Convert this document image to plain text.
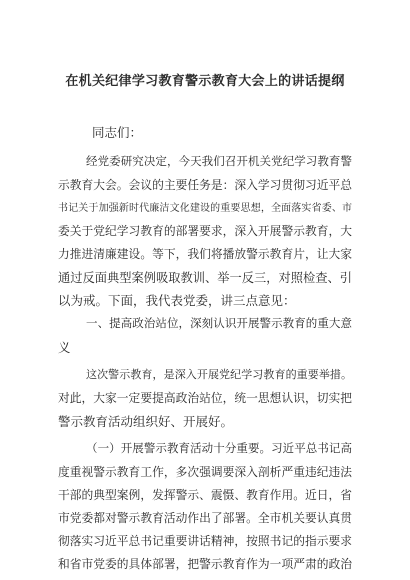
在机关纪律学习教育警示教育大会上的讲话提纲
同志们：
经党委研究决定，今天我们召开机关党纪学习教育警
示教育大会。会议的主要任务是：深入学习贯彻习近平总
书记关于加强新时代廉洁文化建设的重要思想，全面落实省委、市
委关于党纪学习教育的部署要求，深入开展警示教育，大
力推进清廉建设。等下，我们将播放警示教育片，让大家
通过反面典型案例吸取教训、举一反三，对照检查、引
以为戒。下面，我代表党委，讲三点意见：
一、提高政治站位，深刻认识开展警示教育的重大意
义
这次警示教育，是深入开展党纪学习教育的重要举措。
对此，大家一定要提高政治站位，统一思想认识，切实把
警示教育活动组织好、开展好。
（一）开展警示教育活动十分重要。习近平总书记高
度重视警示教育工作，多次强调要深入剖析严重违纪违法
干部的典型案例，发挥警示、震慑、教育作用。近日，省
市党委都对警示教育活动作出了部署。全市机关要认真贯
彻落实习近平总书记重要讲话精神，按照书记的指示要求
和省市党委的具体部署，把警示教育作为一项严肃的政治
